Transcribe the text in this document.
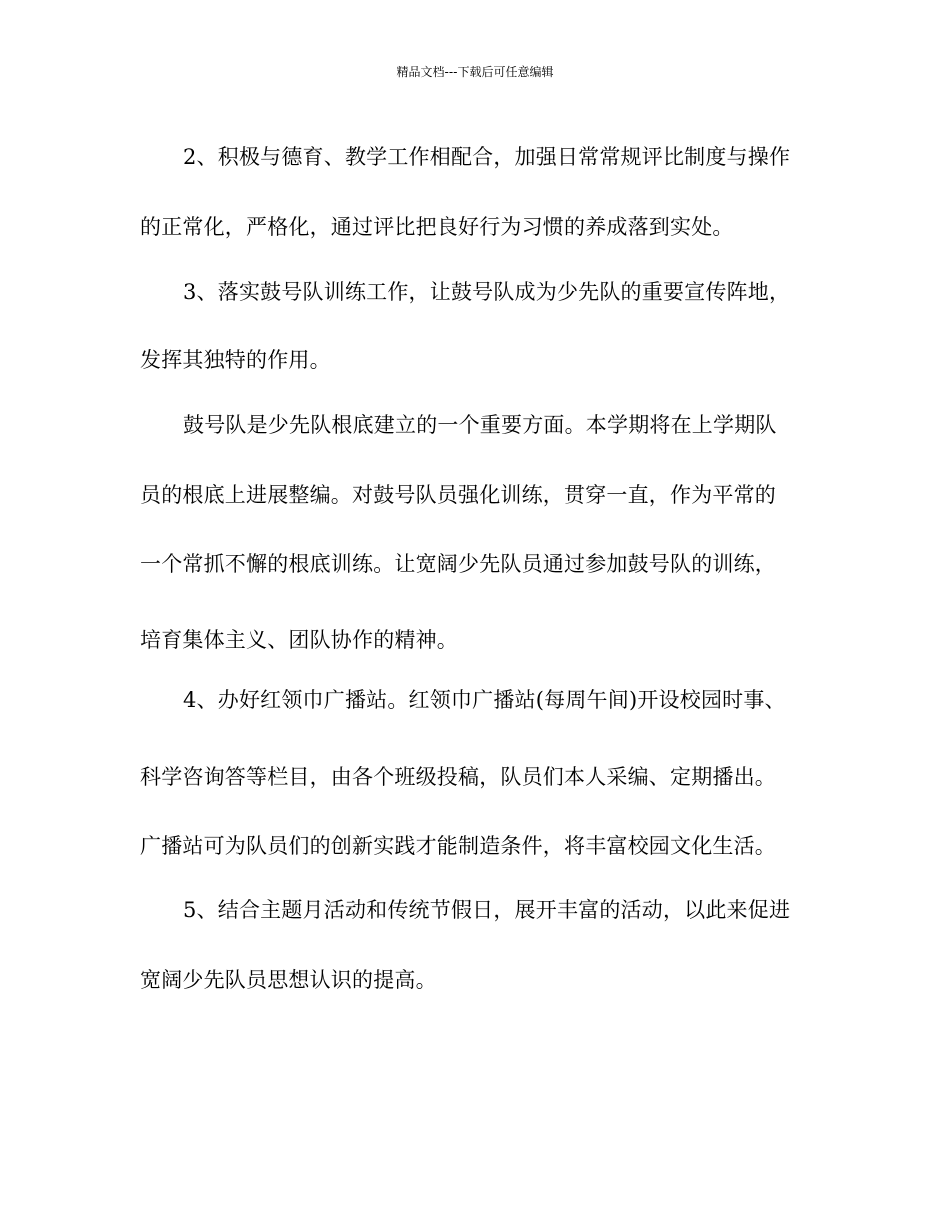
精品文档---下载后可任意编辑
2、积极与德育、教学工作相配合，加强日常常规评比制度与操作
的正常化，严格化，通过评比把良好行为习惯的养成落到实处。
3、落实鼓号队训练工作，让鼓号队成为少先队的重要宣传阵地，
发挥其独特的作用。
鼓号队是少先队根底建立的一个重要方面。本学期将在上学期队
员的根底上进展整编。对鼓号队员强化训练，贯穿一直，作为平常的
一个常抓不懈的根底训练。让宽阔少先队员通过参加鼓号队的训练，
培育集体主义、团队协作的精神。
4、办好红领巾广播站。红领巾广播站(每周午间)开设校园时事、
科学咨询答等栏目，由各个班级投稿，队员们本人采编、定期播出。
广播站可为队员们的创新实践才能制造条件，将丰富校园文化生活。
5、结合主题月活动和传统节假日，展开丰富的活动，以此来促进
宽阔少先队员思想认识的提高。
